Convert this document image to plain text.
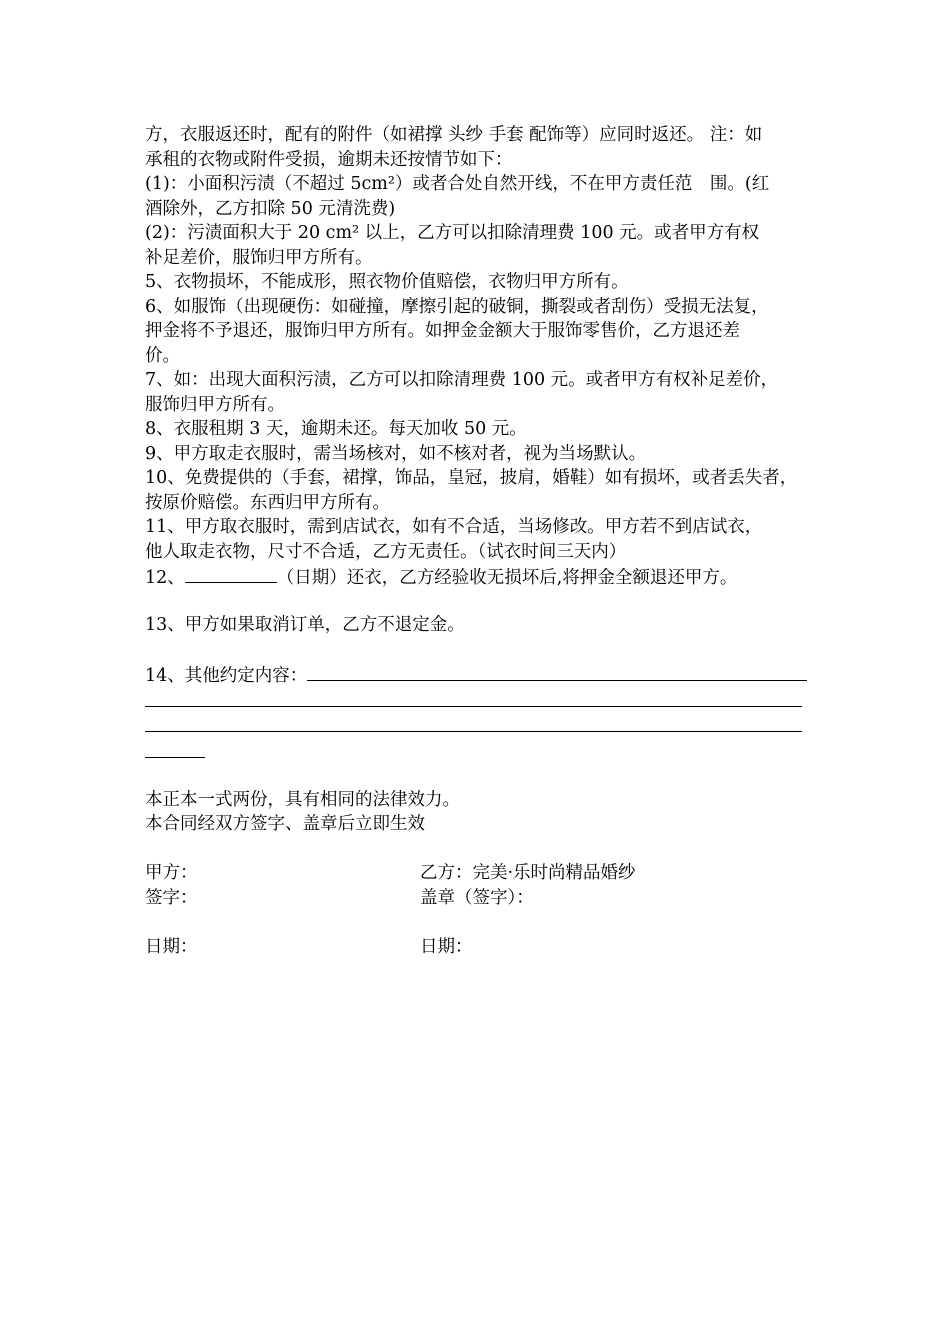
方，衣服返还时，配有的附件（如裙撑 头纱 手套 配饰等）应同时返还。 注：如
承租的衣物或附件受损，逾期未还按情节如下：
(1)：小面积污渍（不超过 5cm²）或者合处自然开线，不在甲方责任范　围。(红
酒除外，乙方扣除 50 元清洗费)
(2)：污渍面积大于 20 cm² 以上，乙方可以扣除清理费 100 元。或者甲方有权
补足差价，服饰归甲方所有。
5、衣物损坏，不能成形，照衣物价值赔偿，衣物归甲方所有。
6、如服饰（出现硬伤：如碰撞，摩擦引起的破铜，撕裂或者刮伤）受损无法复，
押金将不予退还，服饰归甲方所有。如押金金额大于服饰零售价，乙方退还差
价。
7、如：出现大面积污渍，乙方可以扣除清理费 100 元。或者甲方有权补足差价，
服饰归甲方所有。
8、衣服租期 3 天，逾期未还。每天加收 50 元。
9、甲方取走衣服时，需当场核对，如不核对者，视为当场默认。
10、免费提供的（手套，裙撑，饰品，皇冠，披肩，婚鞋）如有损坏，或者丢失者，
按原价赔偿。东西归甲方所有。
11、甲方取衣服时，需到店试衣，如有不合适，当场修改。甲方若不到店试衣，
他人取走衣物，尺寸不合适，乙方无责任。（试衣时间三天内）
12、	（日期）还衣，乙方经验收无损坏后,将押金全额退还甲方。
13、甲方如果取消订单，乙方不退定金。
14、其他约定内容：
本正本一式两份，具有相同的法律效力。
本合同经双方签字、盖章后立即生效
甲方：	乙方：完美·乐时尚精品婚纱
签字：	盖章（签字）：
日期：	日期：
